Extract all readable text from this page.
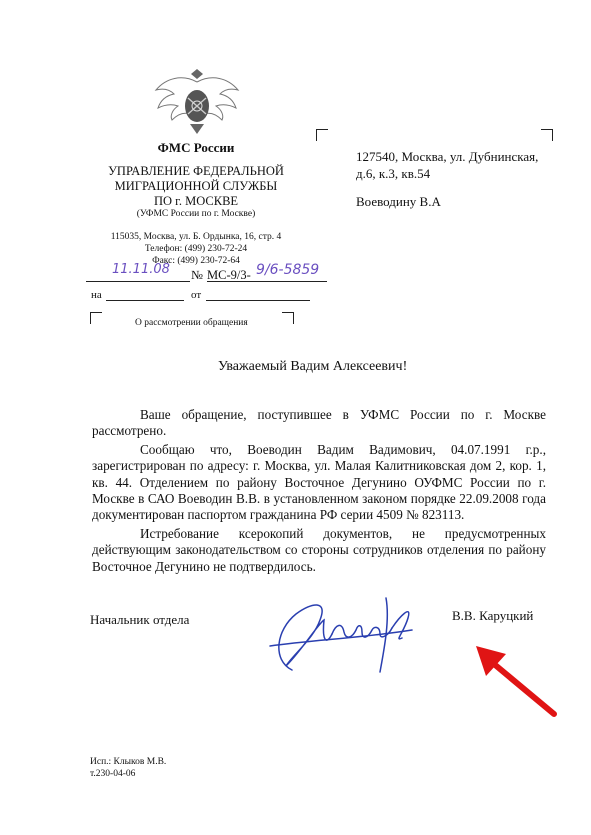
ФМС России
УПРАВЛЕНИЕ ФЕДЕРАЛЬНОЙ
МИГРАЦИОННОЙ СЛУЖБЫ
ПО г. МОСКВЕ
(УФМС России по г. Москве)
115035, Москва, ул. Б. Ордынка, 16, стр. 4
Телефон: (499) 230-72-24
Факс: (499) 230-72-64
11.11.08 № МС-9/3- 9/6-5859
на	от
О рассмотрении обращения
127540, Москва, ул. Дубнинская,
д.6, к.3, кв.54
Воеводину В.А
Уважаемый Вадим Алексеевич!

Ваше обращение, поступившее в УФМС России по г. Москве рассмотрено.

Сообщаю что, Воеводин Вадим Вадимович, 04.07.1991 г.р., зарегистрирован по адресу: г. Москва, ул. Малая Калитниковская дом 2, кор. 1, кв. 44. Отделением по району Восточное Дегунино ОУФМС России по г. Москве в САО Воеводин В.В. в установленном законом порядке 22.09.2008 года документирован паспортом гражданина РФ серии 4509 № 823113.

Истребование ксерокопий документов, не предусмотренных действующим законодательством со стороны сотрудников отделения по району Восточное Дегунино не подтвердилось.

Начальник отдела	В.В. Каруцкий
Исп.: Клыков М.В.
т.230-04-06
